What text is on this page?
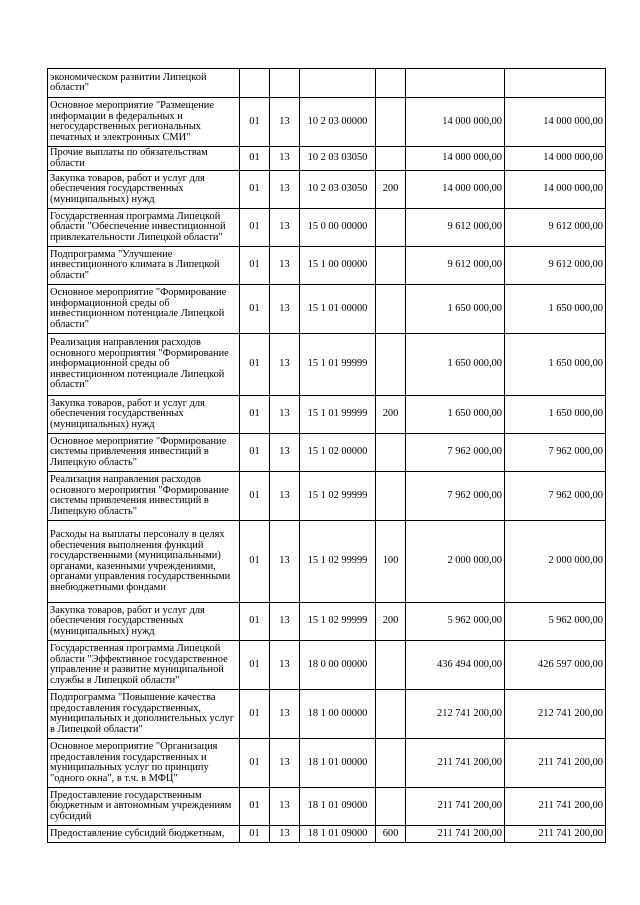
экономическом развитии Липецкой области"						
Основное мероприятие "Размещение информации в федеральных и негосударственных региональных печатных и электронных СМИ"	01	13	10 2 03 00000		14 000 000,00	14 000 000,00
Прочие выплаты по обязательствам области	01	13	10 2 03 03050		14 000 000,00	14 000 000,00
Закупка товаров, работ и услуг для обеспечения государственных (муниципальных) нужд	01	13	10 2 03 03050	200	14 000 000,00	14 000 000,00
Государственная программа Липецкой области "Обеспечение инвестиционной привлекательности Липецкой области"	01	13	15 0 00 00000		9 612 000,00	9 612 000,00
Подпрограмма "Улучшение инвестиционного климата в Липецкой области"	01	13	15 1 00 00000		9 612 000,00	9 612 000,00
Основное мероприятие "Формирование информационной среды об инвестиционном потенциале Липецкой области"	01	13	15 1 01 00000		1 650 000,00	1 650 000,00
Реализация направления расходов основного мероприятия "Формирование информационной среды об инвестиционном потенциале Липецкой области"	01	13	15 1 01 99999		1 650 000,00	1 650 000,00
Закупка товаров, работ и услуг для обеспечения государственных (муниципальных) нужд	01	13	15 1 01 99999	200	1 650 000,00	1 650 000,00
Основное мероприятие "Формирование системы привлечения инвестиций в Липецкую область"	01	13	15 1 02 00000		7 962 000,00	7 962 000,00
Реализация направления расходов основного мероприятия "Формирование системы привлечения инвестиций в Липецкую область"	01	13	15 1 02 99999		7 962 000,00	7 962 000,00
Расходы на выплаты персоналу в целях обеспечения выполнения функций государственными (муниципальными) органами, казенными учреждениями, органами управления государственными внебюджетными фондами	01	13	15 1 02 99999	100	2 000 000,00	2 000 000,00
Закупка товаров, работ и услуг для обеспечения государственных (муниципальных) нужд	01	13	15 1 02 99999	200	5 962 000,00	5 962 000,00
Государственная программа Липецкой области "Эффективное государственное управление и развитие муниципальной службы в Липецкой области"	01	13	18 0 00 00000		436 494 000,00	426 597 000,00
Подпрограмма "Повышение качества предоставления государственных, муниципальных и дополнительных услуг в Липецкой области"	01	13	18 1 00 00000		212 741 200,00	212 741 200,00
Основное мероприятие "Организация предоставления государственных и муниципальных услуг по принципу "одного окна", в т.ч. в МФЦ"	01	13	18 1 01 00000		211 741 200,00	211 741 200,00
Предоставление государственным бюджетным и автономным учреждениям субсидий	01	13	18 1 01 09000		211 741 200,00	211 741 200,00
Предоставление субсидий бюджетным,	01	13	18 1 01 09000	600	211 741 200,00	211 741 200,00
